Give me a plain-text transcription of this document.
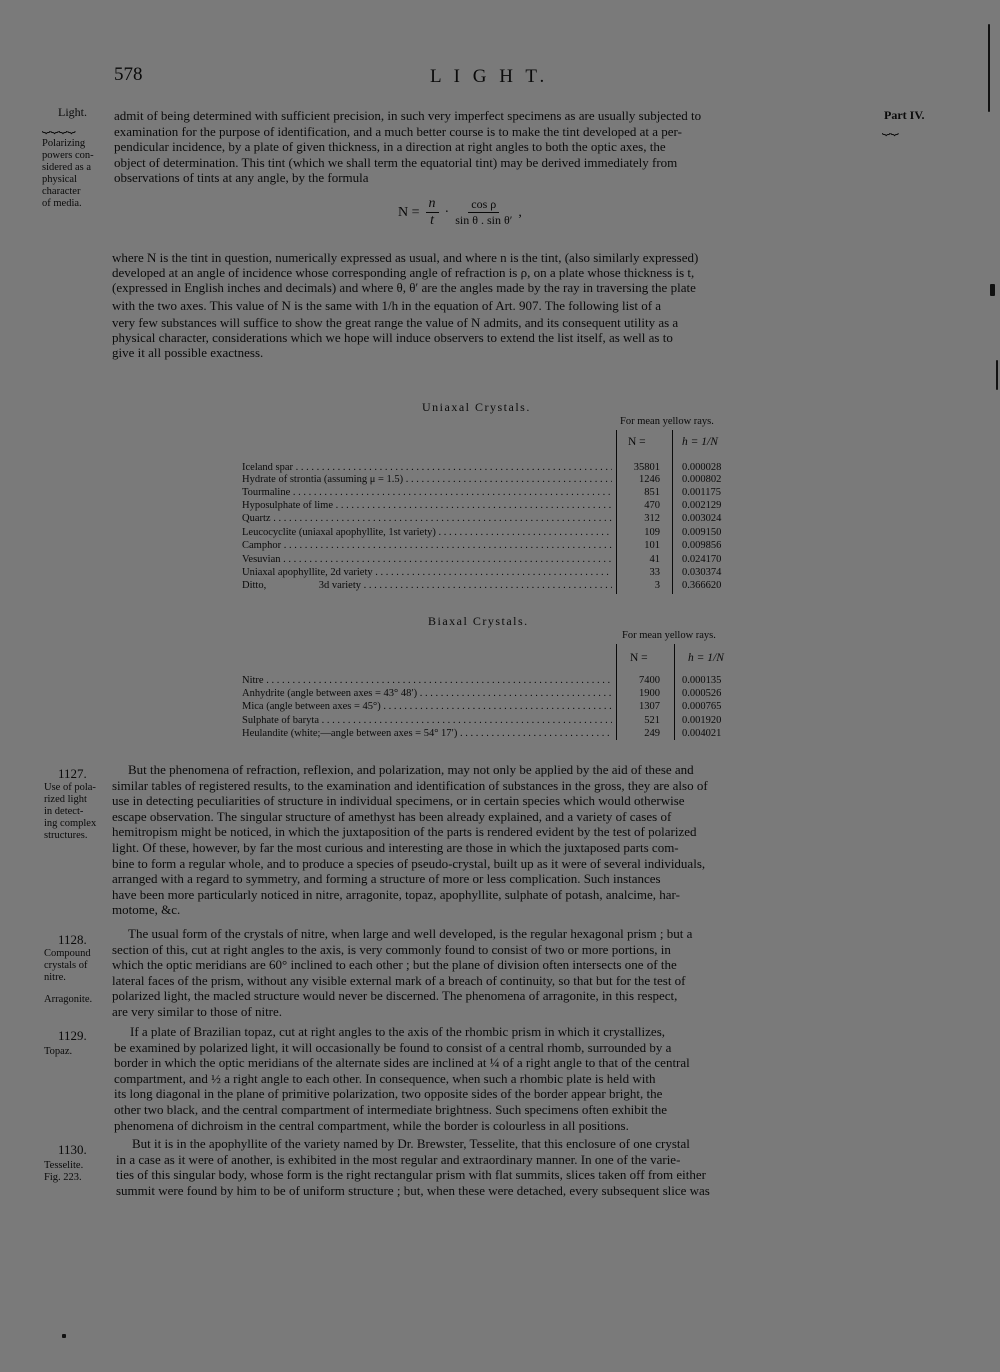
578	L I G H T.
Part IV.
⏟⏟
Light.
⏟⏟⏟⏟
Polarizing
powers con-
sidered as a
physical
character
of media.

admit of being determined with sufficient precision, in such very imperfect specimens as are usually subjected to

examination for the purpose of identification, and a much better course is to make the tint developed at a per-

pendicular incidence, by a plate of given thickness, in a direction at right angles to both the optic axes, the

object of determination. This tint (which we shall term the equatorial tint) may be derived immediately from

observations of tints at any angle, by the formula

$N = \frac{n}{t} \cdot \frac{\text{cos ρ}}{\text{sin θ . sin θ′}}$ ,

where N is the tint in question, numerically expressed as usual, and where n is the tint, (also similarly expressed)

developed at an angle of incidence whose corresponding angle of refraction is ρ, on a plate whose thickness is t,

(expressed in English inches and decimals) and where θ, θ′ are the angles made by the ray in traversing the plate

with the two axes. This value of N is the same with 1/h in the equation of Art. 907. The following list of a

very few substances will suffice to show the great range the value of N admits, and its consequent utility as a

physical character, considerations which we hope will induce observers to extend the list itself, as well as to

give it all possible exactness.

Uniaxal Crystals.
For mean yellow rays.
N =	h = 1/N
Iceland spar . . .	35801 0.000028
Hydrate of strontia (assuming μ = 1.5) . . .	1246 0.000802
Tourmaline . . .	851 0.001175
Hyposulphate of lime . . .	470 0.002129
Quartz . . .	312 0.003024
Leucocyclite (uniaxal apophyllite, 1st variety) . . .	109 0.009150
Camphor . . .	101 0.009856
Vesuvian . . .	41 0.024170
Uniaxal apophyllite, 2d variety . . .	33 0.030374
Ditto,                    3d variety . . .	3 0.366620
Biaxal Crystals.
For mean yellow rays.
N =	h = 1/N
Nitre . . .	7400 0.000135
Anhydrite (angle between axes = 43° 48′) . . .	1900 0.000526
Mica (angle between axes = 45°) . . .	1307 0.000765
Sulphate of baryta . . .	521 0.001920
Heulandite (white;—angle between axes = 54° 17′) . . .	249 0.004021
1127.
Use of pola-
rized light
in detect-
ing complex
structures.

But the phenomena of refraction, reflexion, and polarization, may not only be applied by the aid of these and

similar tables of registered results, to the examination and identification of substances in the gross, they are also of

use in detecting peculiarities of structure in individual specimens, or in certain species which would otherwise

escape observation. The singular structure of amethyst has been already explained, and a variety of cases of

hemitropism might be noticed, in which the juxtaposition of the parts is rendered evident by the test of polarized

light. Of these, however, by far the most curious and interesting are those in which the juxtaposed parts com-

bine to form a regular whole, and to produce a species of pseudo-crystal, built up as it were of several individuals,

arranged with a regard to symmetry, and forming a structure of more or less complication. Such instances

have been more particularly noticed in nitre, arragonite, topaz, apophyllite, sulphate of potash, analcime, har-

motome, &c.

1128.
Compound
crystals of
nitre.
Arragonite.

The usual form of the crystals of nitre, when large and well developed, is the regular hexagonal prism ; but a

section of this, cut at right angles to the axis, is very commonly found to consist of two or more portions, in

which the optic meridians are 60° inclined to each other ; but the plane of division often intersects one of the

lateral faces of the prism, without any visible external mark of a breach of continuity, so that but for the test of

polarized light, the macled structure would never be discerned. The phenomena of arragonite, in this respect,

are very similar to those of nitre.

1129.
Topaz.

If a plate of Brazilian topaz, cut at right angles to the axis of the rhombic prism in which it crystallizes,

be examined by polarized light, it will occasionally be found to consist of a central rhomb, surrounded by a

border in which the optic meridians of the alternate sides are inclined at ¼ of a right angle to that of the central

compartment, and ½ a right angle to each other. In consequence, when such a rhombic plate is held with

its long diagonal in the plane of primitive polarization, two opposite sides of the border appear bright, the

other two black, and the central compartment of intermediate brightness. Such specimens often exhibit the

phenomena of dichroism in the central compartment, while the border is colourless in all positions.

1130.
Tesselite.
Fig. 223.

But it is in the apophyllite of the variety named by Dr. Brewster, Tesselite, that this enclosure of one crystal

in a case as it were of another, is exhibited in the most regular and extraordinary manner. In one of the varie-

ties of this singular body, whose form is the right rectangular prism with flat summits, slices taken off from either

summit were found by him to be of uniform structure ; but, when these were detached, every subsequent slice was
